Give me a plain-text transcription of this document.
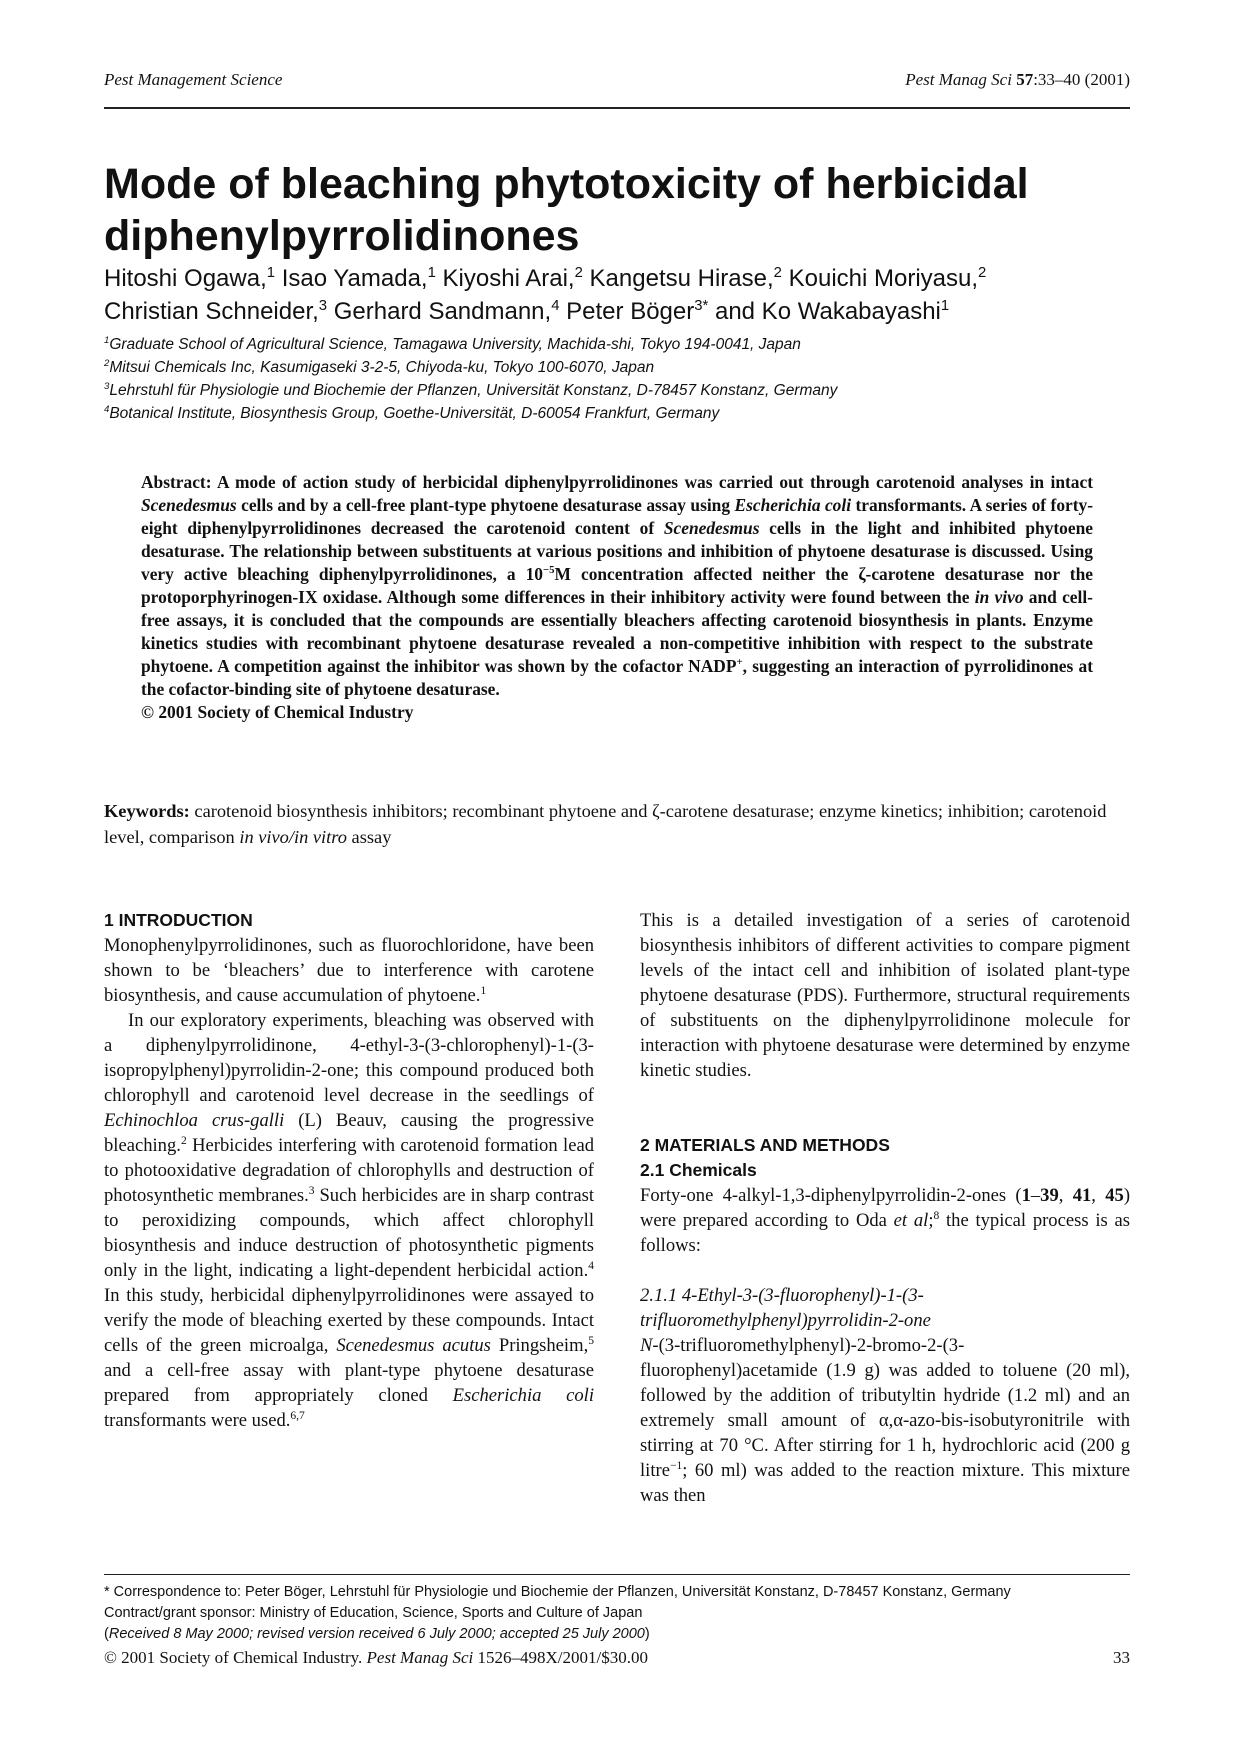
Pest Management Science	Pest Manag Sci 57:33–40 (2001)
Mode of bleaching phytotoxicity of herbicidal diphenylpyrrolidinones
Hitoshi Ogawa,$^1$ Isao Yamada,$^1$ Kiyoshi Arai,$^2$ Kangetsu Hirase,$^2$ Kouichi Moriyasu,$^2$
Christian Schneider,$^3$ Gerhard Sandmann,$^4$ Peter Böger$^{3*}$ and Ko Wakabayashi$^1$
$^1$Graduate School of Agricultural Science, Tamagawa University, Machida-shi, Tokyo 194-0041, Japan
$^2$Mitsui Chemicals Inc, Kasumigaseki 3-2-5, Chiyoda-ku, Tokyo 100-6070, Japan
$^3$Lehrstuhl für Physiologie und Biochemie der Pflanzen, Universität Konstanz, D-78457 Konstanz, Germany
$^4$Botanical Institute, Biosynthesis Group, Goethe-Universität, D-60054 Frankfurt, Germany

Abstract: A mode of action study of herbicidal diphenylpyrrolidinones was carried out through carotenoid analyses in intact Scenedesmus cells and by a cell-free plant-type phytoene desaturase assay using Escherichia coli transformants. A series of forty-eight diphenylpyrrolidinones decreased the carotenoid content of Scenedesmus cells in the light and inhibited phytoene desaturase. The relationship between substituents at various positions and inhibition of phytoene desaturase is discussed. Using very active bleaching diphenylpyrrolidinones, a $10^{-5}M$ concentration affected neither the ζ-carotene desaturase nor the protoporphyrinogen-IX oxidase. Although some differences in their inhibitory activity were found between the in vivo and cell-free assays, it is concluded that the compounds are essentially bleachers affecting carotenoid biosynthesis in plants. Enzyme kinetics studies with recombinant phytoene desaturase revealed a non-competitive inhibition with respect to the substrate phytoene. A competition against the inhibitor was shown by the cofactor NADP+, suggesting an interaction of pyrrolidinones at the cofactor-binding site of phytoene desaturase.

© 2001 Society of Chemical Industry

Keywords: carotenoid biosynthesis inhibitors; recombinant phytoene and ζ-carotene desaturase; enzyme kinetics; inhibition; carotenoid level, comparison in vivo/in vitro assay
1 INTRODUCTION

Monophenylpyrrolidinones, such as fluorochloridone, have been shown to be ‘bleachers’ due to interference with carotene biosynthesis, and cause accumulation of phytoene.$^1$

In our exploratory experiments, bleaching was observed with a diphenylpyrrolidinone, 4-ethyl-3-(3-chlorophenyl)-1-(3-isopropylphenyl)pyrrolidin-2-one; this compound produced both chlorophyll and carotenoid level decrease in the seedlings of Echinochloa crus-galli (L) Beauv, causing the progressive bleaching.$^2$ Herbicides interfering with carotenoid formation lead to photooxidative degradation of chlorophylls and destruction of photosynthetic membranes.$^3$ Such herbicides are in sharp contrast to peroxidizing compounds, which affect chlorophyll biosynthesis and induce destruction of photosynthetic pigments only in the light, indicating a light-dependent herbicidal action.$^4$ In this study, herbicidal diphenylpyrrolidinones were assayed to verify the mode of bleaching exerted by these compounds. Intact cells of the green microalga, Scenedesmus acutus Pringsheim,$^5$ and a cell-free assay with plant-type phytoene desaturase prepared from appropriately cloned Escherichia coli transformants were used.$^{6,7}$

This is a detailed investigation of a series of carotenoid biosynthesis inhibitors of different activities to compare pigment levels of the intact cell and inhibition of isolated plant-type phytoene desaturase (PDS). Furthermore, structural requirements of substituents on the diphenylpyrrolidinone molecule for interaction with phytoene desaturase were determined by enzyme kinetic studies.

2 MATERIALS AND METHODS
2.1 Chemicals

Forty-one 4-alkyl-1,3-diphenylpyrrolidin-2-ones (1–39, 41, 45) were prepared according to Oda et al;$^8$ the typical process is as follows:

2.1.1 4-Ethyl-3-(3-fluorophenyl)-1-(3-trifluoromethylphenyl)pyrrolidin-2-one

N-(3-trifluoromethylphenyl)-2-bromo-2-(3-fluorophenyl)acetamide (1.9 g) was added to toluene (20 ml), followed by the addition of tributyltin hydride (1.2 ml) and an extremely small amount of α,α-azo-bis-isobutyronitrile with stirring at 70 °C. After stirring for 1 h, hydrochloric acid (200 g litre$^{-1}$; 60 ml) was added to the reaction mixture. This mixture was then

* Correspondence to: Peter Böger, Lehrstuhl für Physiologie und Biochemie der Pflanzen, Universität Konstanz, D-78457 Konstanz, Germany
Contract/grant sponsor: Ministry of Education, Science, Sports and Culture of Japan
(Received 8 May 2000; revised version received 6 July 2000; accepted 25 July 2000)
© 2001 Society of Chemical Industry. Pest Manag Sci 1526–498X/2001/$30.00	33
